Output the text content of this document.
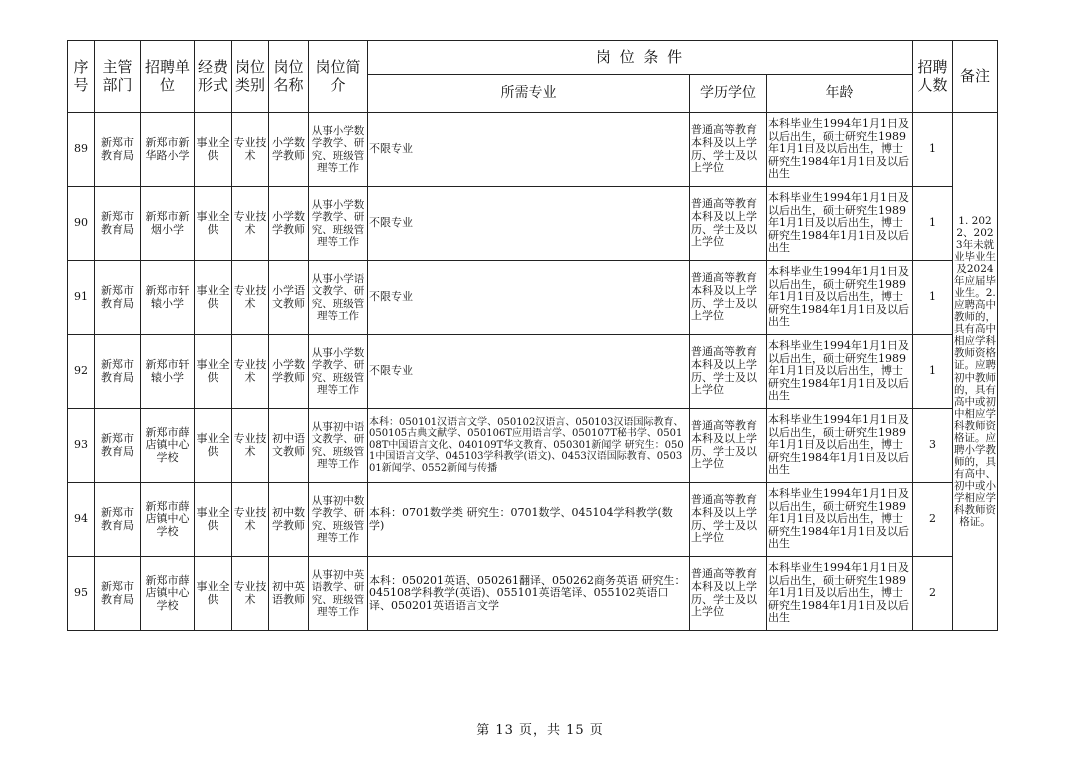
序号	主管部门	招聘单位	经费形式	岗位类别	岗位名称	岗位简介	岗 位 条 件			招聘人数	备注
							所需专业	学历学位	年龄		
89	新郑市教育局	新郑市新华路小学	事业全供	专业技术	小学数学教师	从事小学数学教学、研究、班级管理等工作	不限专业	普通高等教育本科及以上学历、学士及以上学位	本科毕业生1994年1月1日及以后出生，硕士研究生1989年1月1日及以后出生，博士研究生1984年1月1日及以后出生	1	1. 2022、2023年未就业毕业生及2024年应届毕业生。2. 应聘高中教师的，具有高中相应学科教师资格证。应聘初中教师的，具有高中或初中相应学科教师资格证。应聘小学教师的，具有高中、初中或小学相应学科教师资格证。
90	新郑市教育局	新郑市新烟小学	事业全供	专业技术	小学数学教师	从事小学数学教学、研究、班级管理等工作	不限专业	普通高等教育本科及以上学历、学士及以上学位	本科毕业生1994年1月1日及以后出生，硕士研究生1989年1月1日及以后出生，博士研究生1984年1月1日及以后出生	1	
91	新郑市教育局	新郑市轩辕小学	事业全供	专业技术	小学语文教师	从事小学语文教学、研究、班级管理等工作	不限专业	普通高等教育本科及以上学历、学士及以上学位	本科毕业生1994年1月1日及以后出生，硕士研究生1989年1月1日及以后出生，博士研究生1984年1月1日及以后出生	1	
92	新郑市教育局	新郑市轩辕小学	事业全供	专业技术	小学数学教师	从事小学数学教学、研究、班级管理等工作	不限专业	普通高等教育本科及以上学历、学士及以上学位	本科毕业生1994年1月1日及以后出生，硕士研究生1989年1月1日及以后出生，博士研究生1984年1月1日及以后出生	1	
93	新郑市教育局	新郑市薛店镇中心学校	事业全供	专业技术	初中语文教师	从事初中语文教学、研究、班级管理等工作	本科：050101汉语言文学、050102汉语言、050103汉语国际教育、050105古典文献学、050106T应用语言学、050107T秘书学、050108T中国语言文化、040109T华文教育、050301新闻学 研究生：0501中国语言文学、045103学科教学(语文)、0453汉语国际教育、050301新闻学、0552新闻与传播	普通高等教育本科及以上学历、学士及以上学位	本科毕业生1994年1月1日及以后出生，硕士研究生1989年1月1日及以后出生，博士研究生1984年1月1日及以后出生	3	
94	新郑市教育局	新郑市薛店镇中心学校	事业全供	专业技术	初中数学教师	从事初中数学教学、研究、班级管理等工作	本科：0701数学类 研究生：0701数学、045104学科教学(数学)	普通高等教育本科及以上学历、学士及以上学位	本科毕业生1994年1月1日及以后出生，硕士研究生1989年1月1日及以后出生，博士研究生1984年1月1日及以后出生	2	
95	新郑市教育局	新郑市薛店镇中心学校	事业全供	专业技术	初中英语教师	从事初中英语教学、研究、班级管理等工作	本科：050201英语、050261翻译、050262商务英语 研究生：045108学科教学(英语)、055101英语笔译、055102英语口译、050201英语语言文学	普通高等教育本科及以上学历、学士及以上学位	本科毕业生1994年1月1日及以后出生，硕士研究生1989年1月1日及以后出生，博士研究生1984年1月1日及以后出生	2	
第 13 页，共 15 页
